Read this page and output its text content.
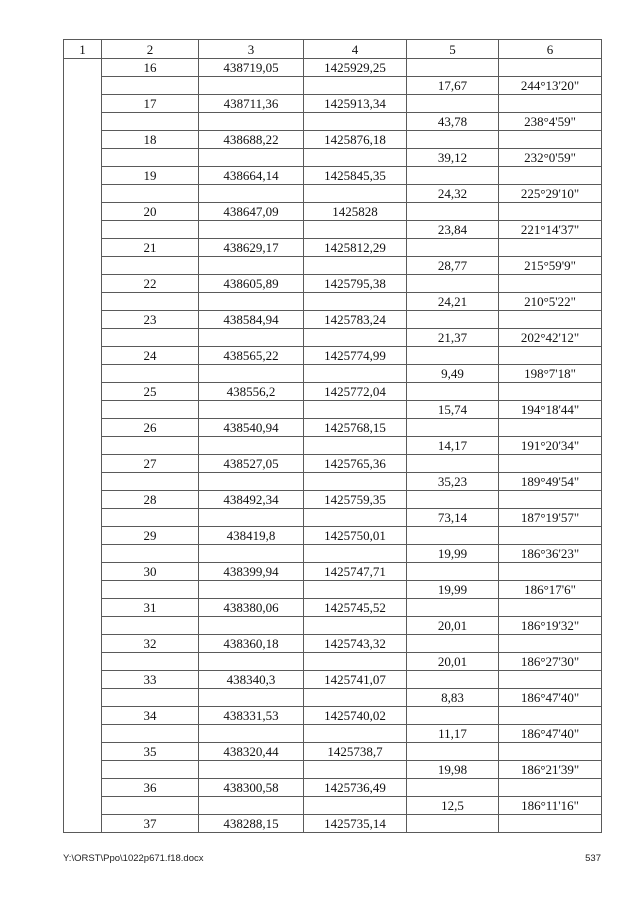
1	2	3	4	5	6
	16	438719,05	1425929,25		
				17,67	244°13'20"
	17	438711,36	1425913,34		
				43,78	238°4'59"
	18	438688,22	1425876,18		
				39,12	232°0'59"
	19	438664,14	1425845,35		
				24,32	225°29'10"
	20	438647,09	1425828		
				23,84	221°14'37"
	21	438629,17	1425812,29		
				28,77	215°59'9"
	22	438605,89	1425795,38		
				24,21	210°5'22"
	23	438584,94	1425783,24		
				21,37	202°42'12"
	24	438565,22	1425774,99		
				9,49	198°7'18"
	25	438556,2	1425772,04		
				15,74	194°18'44"
	26	438540,94	1425768,15		
				14,17	191°20'34"
	27	438527,05	1425765,36		
				35,23	189°49'54"
	28	438492,34	1425759,35		
				73,14	187°19'57"
	29	438419,8	1425750,01		
				19,99	186°36'23"
	30	438399,94	1425747,71		
				19,99	186°17'6"
	31	438380,06	1425745,52		
				20,01	186°19'32"
	32	438360,18	1425743,32		
				20,01	186°27'30"
	33	438340,3	1425741,07		
				8,83	186°47'40"
	34	438331,53	1425740,02		
				11,17	186°47'40"
	35	438320,44	1425738,7		
				19,98	186°21'39"
	36	438300,58	1425736,49		
				12,5	186°11'16"
	37	438288,15	1425735,14		
Y:\ORST\Ppo\1022p671.f18.docx	537
